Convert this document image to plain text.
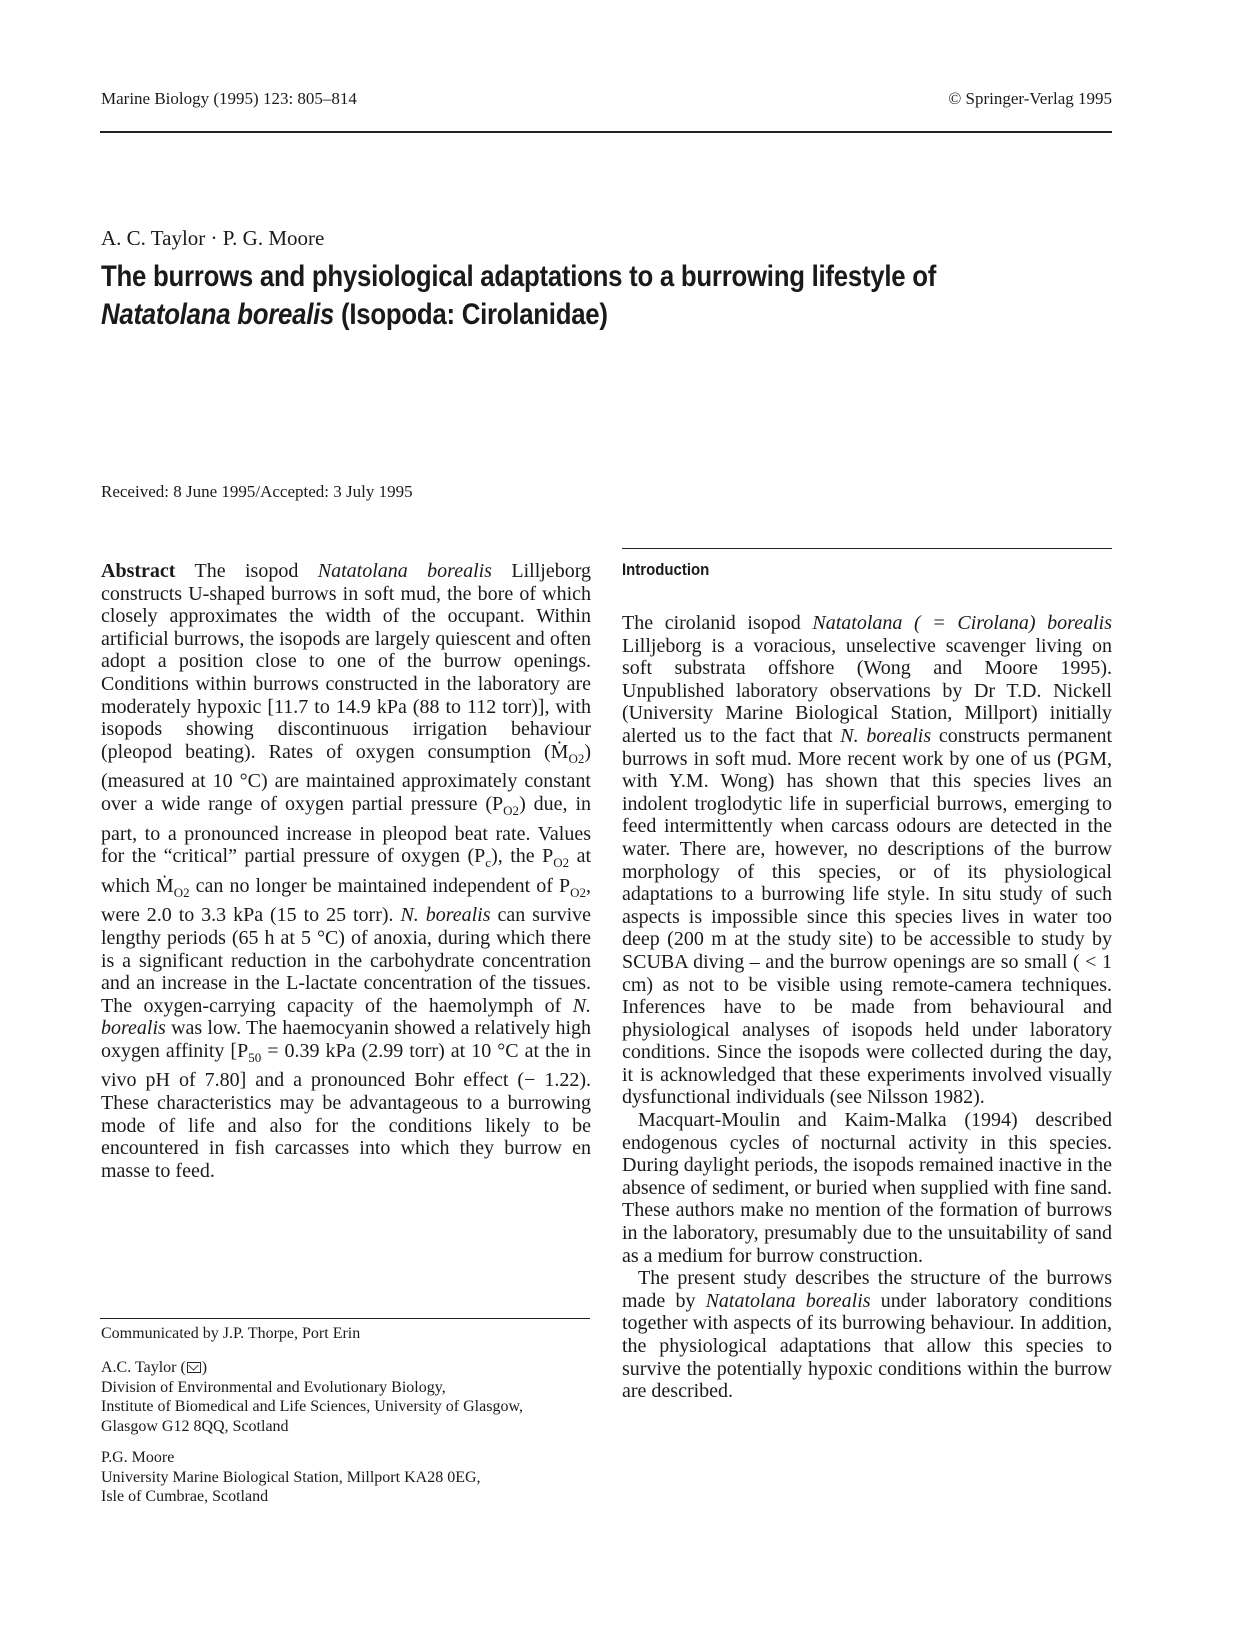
Marine Biology (1995) 123: 805–814	© Springer-Verlag 1995
A. C. Taylor · P. G. Moore
The burrows and physiological adaptations to a burrowing lifestyle of
Natatolana borealis (Isopoda: Cirolanidae)
Received: 8 June 1995/Accepted: 3 July 1995

Abstract The isopod Natatolana borealis Lilljeborg constructs U-shaped burrows in soft mud, the bore of which closely approximates the width of the occupant. Within artificial burrows, the isopods are largely quiescent and often adopt a position close to one of the burrow openings. Conditions within burrows constructed in the laboratory are moderately hypoxic [11.7 to 14.9 kPa (88 to 112 torr)], with isopods showing discontinuous irrigation behaviour (pleopod beating). Rates of oxygen consumption (Ṁ$_{O2}$) (measured at 10 °C) are maintained approximately constant over a wide range of oxygen partial pressure $(P_{O2})$ due, in part, to a pronounced increase in pleopod beat rate. Values for the “critical” partial pressure of oxygen $(P_c)$, the $P_{O2}$ at which Ṁ$_{O2}$ can no longer be maintained independent of $P_{O2}$, were 2.0 to 3.3 kPa (15 to 25 torr). N. borealis can survive lengthy periods (65 h at 5 °C) of anoxia, during which there is a significant reduction in the carbohydrate concentration and an increase in the L-lactate concentration of the tissues. The oxygen-carrying capacity of the haemolymph of N. borealis was low. The haemocyanin showed a relatively high oxygen affinity [$P_{50} = 0.39$ kPa (2.99 torr) at 10 °C at the in vivo pH of 7.80] and a pronounced Bohr effect (− 1.22). These characteristics may be advantageous to a burrowing mode of life and also for the conditions likely to be encountered in fish carcasses into which they burrow en masse to feed.

Communicated by J.P. Thorpe, Port Erin

A.C. Taylor ( )

Division of Environmental and Evolutionary Biology,

Institute of Biomedical and Life Sciences, University of Glasgow,

Glasgow G12 8QQ, Scotland

P.G. Moore

University Marine Biological Station, Millport KA28 0EG,

Isle of Cumbrae, Scotland

Introduction

The cirolanid isopod Natatolana ( = Cirolana) borealis Lilljeborg is a voracious, unselective scavenger living on soft substrata offshore (Wong and Moore 1995). Unpublished laboratory observations by Dr T.D. Nickell (University Marine Biological Station, Millport) initially alerted us to the fact that N. borealis constructs permanent burrows in soft mud. More recent work by one of us (PGM, with Y.M. Wong) has shown that this species lives an indolent troglodytic life in superficial burrows, emerging to feed intermittently when carcass odours are detected in the water. There are, however, no descriptions of the burrow morphology of this species, or of its physiological adaptations to a burrowing life style. In situ study of such aspects is impossible since this species lives in water too deep (200 m at the study site) to be accessible to study by SCUBA diving – and the burrow openings are so small ( < 1 cm) as not to be visible using remote-camera techniques. Inferences have to be made from behavioural and physiological analyses of isopods held under laboratory conditions. Since the isopods were collected during the day, it is acknowledged that these experiments involved visually dysfunctional individuals (see Nilsson 1982).

Macquart-Moulin and Kaim-Malka (1994) described endogenous cycles of nocturnal activity in this species. During daylight periods, the isopods remained inactive in the absence of sediment, or buried when supplied with fine sand. These authors make no mention of the formation of burrows in the laboratory, presumably due to the unsuitability of sand as a medium for burrow construction.

The present study describes the structure of the burrows made by Natatolana borealis under laboratory conditions together with aspects of its burrowing behaviour. In addition, the physiological adaptations that allow this species to survive the potentially hypoxic conditions within the burrow are described.
